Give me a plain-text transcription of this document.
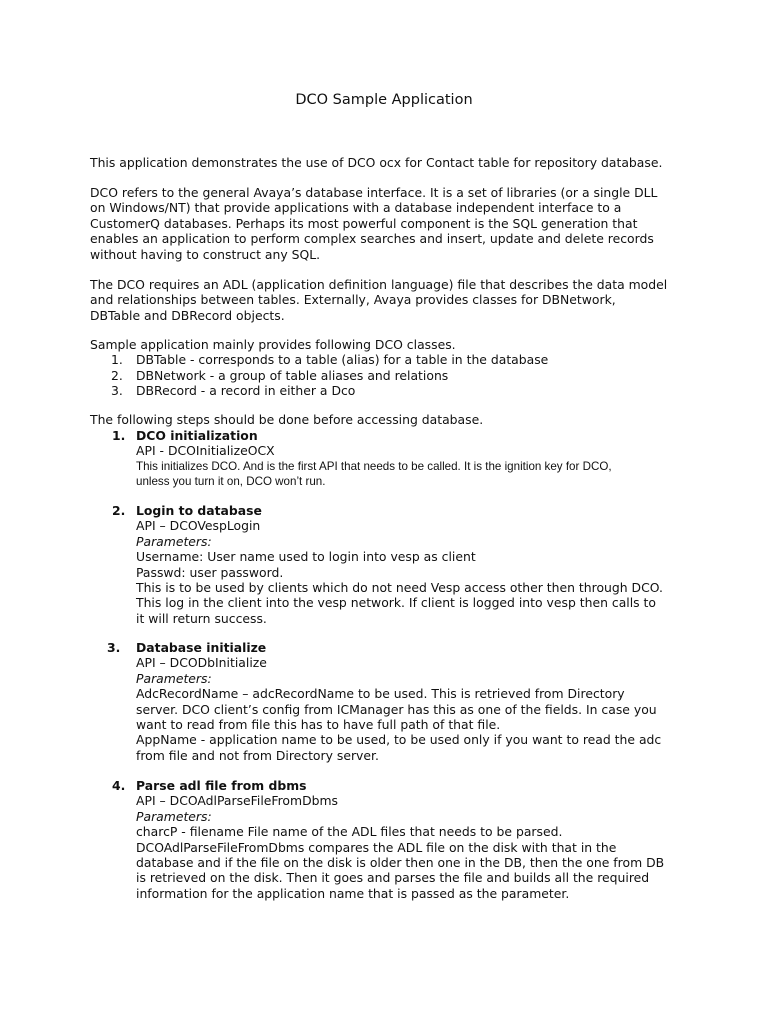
DCO Sample Application
This application demonstrates the use of DCO ocx for Contact table for repository database.
DCO refers to the general Avaya’s database interface. It is a set of libraries (or a single DLL
on Windows/NT) that provide applications with a database independent interface to a
CustomerQ databases. Perhaps its most powerful component is the SQL generation that
enables an application to perform complex searches and insert, update and delete records
without having to construct any SQL.
The DCO requires an ADL (application definition language) file that describes the data model
and relationships between tables. Externally, Avaya provides classes for DBNetwork,
DBTable and DBRecord objects.
Sample application mainly provides following DCO classes.
1. DBTable - corresponds to a table (alias) for a table in the database
2. DBNetwork - a group of table aliases and relations
3. DBRecord - a record in either a Dco
The following steps should be done before accessing database.
1. DCO initialization
API - DCOInitializeOCX
This initializes DCO. And is the first API that needs to be called. It is the ignition key for DCO,
unless you turn it on, DCO won’t run.
2. Login to database
API – DCOVespLogin
Parameters:
Username: User name used to login into vesp as client
Passwd: user password.
This is to be used by clients which do not need Vesp access other then through DCO.
This log in the client into the vesp network. If client is logged into vesp then calls to
it will return success.
3. Database initialize
API – DCODbInitialize
Parameters:
AdcRecordName – adcRecordName to be used. This is retrieved from Directory
server. DCO client’s config from ICManager has this as one of the fields. In case you
want to read from file this has to have full path of that file.
AppName - application name to be used, to be used only if you want to read the adc
from file and not from Directory server.
4. Parse adl file from dbms
API – DCOAdlParseFileFromDbms
Parameters:
charcP - filename File name of the ADL files that needs to be parsed.
DCOAdlParseFileFromDbms compares the ADL file on the disk with that in the
database and if the file on the disk is older then one in the DB, then the one from DB
is retrieved on the disk. Then it goes and parses the file and builds all the required
information for the application name that is passed as the parameter.
